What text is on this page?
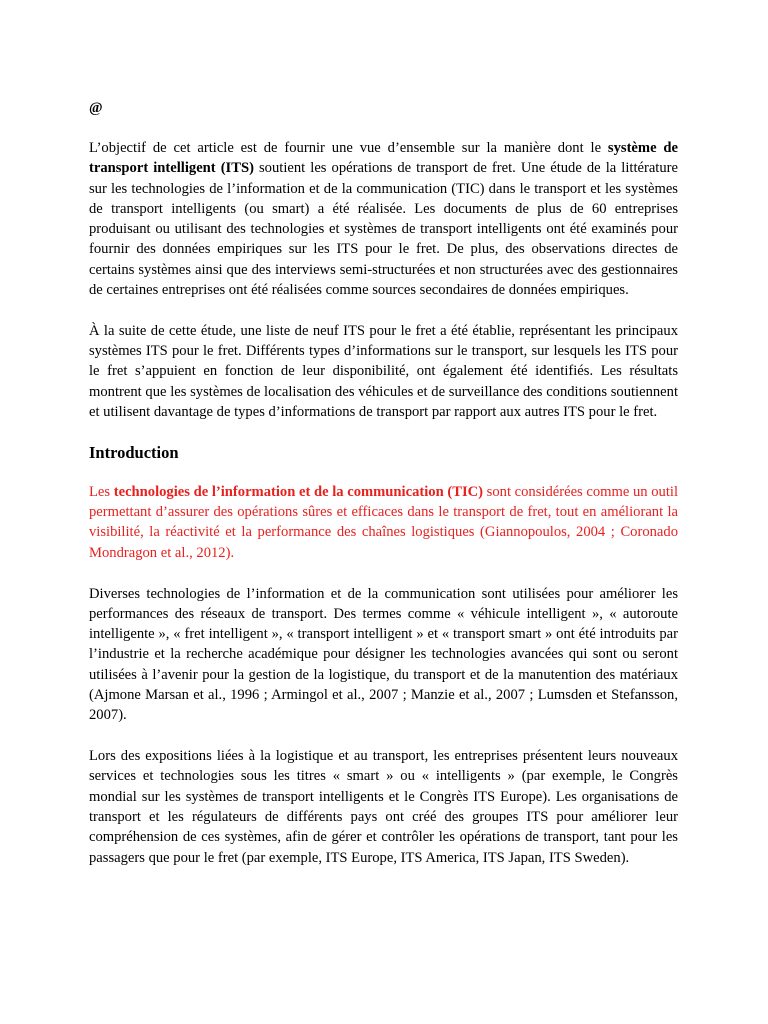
@

L’objectif de cet article est de fournir une vue d’ensemble sur la manière dont le système de transport intelligent (ITS) soutient les opérations de transport de fret. Une étude de la littérature sur les technologies de l’information et de la communication (TIC) dans le transport et les systèmes de transport intelligents (ou smart) a été réalisée. Les documents de plus de 60 entreprises produisant ou utilisant des technologies et systèmes de transport intelligents ont été examinés pour fournir des données empiriques sur les ITS pour le fret. De plus, des observations directes de certains systèmes ainsi que des interviews semi-structurées et non structurées avec des gestionnaires de certaines entreprises ont été réalisées comme sources secondaires de données empiriques.

À la suite de cette étude, une liste de neuf ITS pour le fret a été établie, représentant les principaux systèmes ITS pour le fret. Différents types d’informations sur le transport, sur lesquels les ITS pour le fret s’appuient en fonction de leur disponibilité, ont également été identifiés. Les résultats montrent que les systèmes de localisation des véhicules et de surveillance des conditions soutiennent et utilisent davantage de types d’informations de transport par rapport aux autres ITS pour le fret.

Introduction

Les technologies de l’information et de la communication (TIC) sont considérées comme un outil permettant d’assurer des opérations sûres et efficaces dans le transport de fret, tout en améliorant la visibilité, la réactivité et la performance des chaînes logistiques (Giannopoulos, 2004 ; Coronado Mondragon et al., 2012).

Diverses technologies de l’information et de la communication sont utilisées pour améliorer les performances des réseaux de transport. Des termes comme « véhicule intelligent », « autoroute intelligente », « fret intelligent », « transport intelligent » et « transport smart » ont été introduits par l’industrie et la recherche académique pour désigner les technologies avancées qui sont ou seront utilisées à l’avenir pour la gestion de la logistique, du transport et de la manutention des matériaux (Ajmone Marsan et al., 1996 ; Armingol et al., 2007 ; Manzie et al., 2007 ; Lumsden et Stefansson, 2007).

Lors des expositions liées à la logistique et au transport, les entreprises présentent leurs nouveaux services et technologies sous les titres « smart » ou « intelligents » (par exemple, le Congrès mondial sur les systèmes de transport intelligents et le Congrès ITS Europe). Les organisations de transport et les régulateurs de différents pays ont créé des groupes ITS pour améliorer leur compréhension de ces systèmes, afin de gérer et contrôler les opérations de transport, tant pour les passagers que pour le fret (par exemple, ITS Europe, ITS America, ITS Japan, ITS Sweden).
